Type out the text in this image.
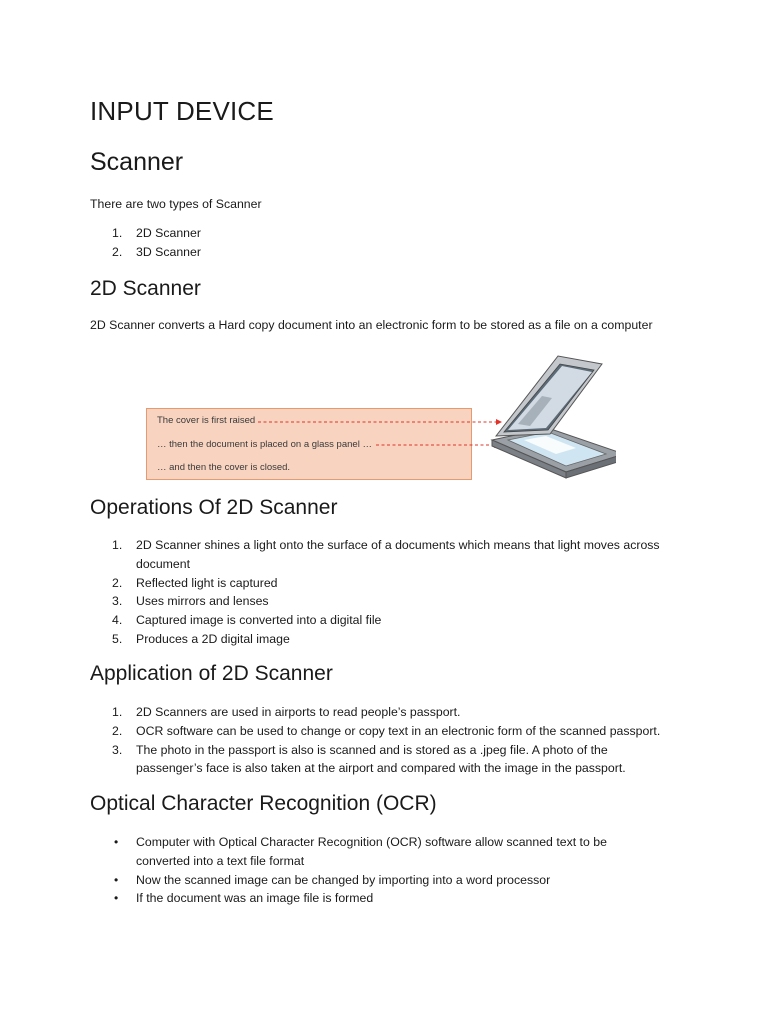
INPUT DEVICE
Scanner

There are two types of Scanner

1. 2D Scanner
2. 3D Scanner
2D Scanner

2D Scanner converts a Hard copy document into an electronic form to be stored as a file on a computer

The cover is first raised
… then the document is placed on a glass panel …
… and then the cover is closed.
Operations Of 2D Scanner
1. 2D Scanner shines a light onto the surface of a documents which means that light moves across
document
2. Reflected light is captured
3. Uses mirrors and lenses
4. Captured image is converted into a digital file
5. Produces a 2D digital image
Application of 2D Scanner
1. 2D Scanners are used in airports to read people’s passport.
2. OCR software can be used to change or copy text in an electronic form of the scanned passport.
3. The photo in the passport is also is scanned and is stored as a .jpeg file. A photo of the
passenger’s face is also taken at the airport and compared with the image in the passport.
Optical Character Recognition (OCR)
• Computer with Optical Character Recognition (OCR) software allow scanned text to be
converted into a text file format
• Now the scanned image can be changed by importing into a word processor
• If the document was an image file is formed
